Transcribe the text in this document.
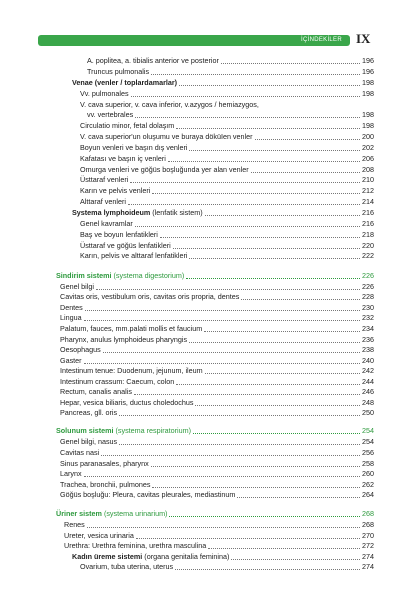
İÇİNDEKİLER IX
A. poplitea, a. tibialis anterior ve posterior	196
Truncus pulmonalis	196
Venae (venler / toplardamarlar)	198
Vv. pulmonales	198
V. cava superior, v. cava inferior, v.azygos / hemiazygos,
vv. vertebrales	198
Circulatio minor, fetal dolaşım	198
V. cava superior'un oluşumu ve buraya döküIen venler	200
Boyun venleri ve başın dış venleri	202
Kafatası ve başın iç venleri	206
Omurga venleri ve göğüs boşluğunda yer alan venler	208
Üsttaraf venleri	210
Karın ve pelvis venleri	212
Alttaraf venleri	214
Systema lymphoideum (lenfatik sistem)	216
Genel kavramlar	216
Baş ve boyun lenfatikleri	218
Üsttaraf ve göğüs lenfatikleri	220
Karın, pelvis ve alttaraf lenfatikleri	222
Sindirim sistemi (systema digestorium)	226
Genel bilgi	226
Cavitas oris, vestibulum oris, cavitas oris propria, dentes	228
Dentes	230
Lingua	232
Palatum, fauces, mm.palati mollis et faucium	234
Pharynx, anulus lymphoideus pharyngis	236
Oesophagus	238
Gaster	240
Intestinum tenue: Duodenum, jejunum, ileum	242
Intestinum crassum: Caecum, colon	244
Rectum, canalis analis	246
Hepar, vesica biliaris, ductus choledochus	248
Pancreas, gll. oris	250
Solunum sistemi (systema respiratorium)	254
Genel bilgi, nasus	254
Cavitas nasi	256
Sinus paranasales, pharynx	258
Larynx	260
Trachea, bronchii, pulmones	262
Göğüs boşluğu: Pleura, cavitas pleurales, mediastinum	264
Üriner sistem (systema urinarium)	268
Renes	268
Ureter, vesica urinaria	270
Urethra: Urethra feminina, urethra masculina	272
Kadın üreme sistemi (organa genitalia feminina)	274
Ovarium, tuba uterina, uterus	274
